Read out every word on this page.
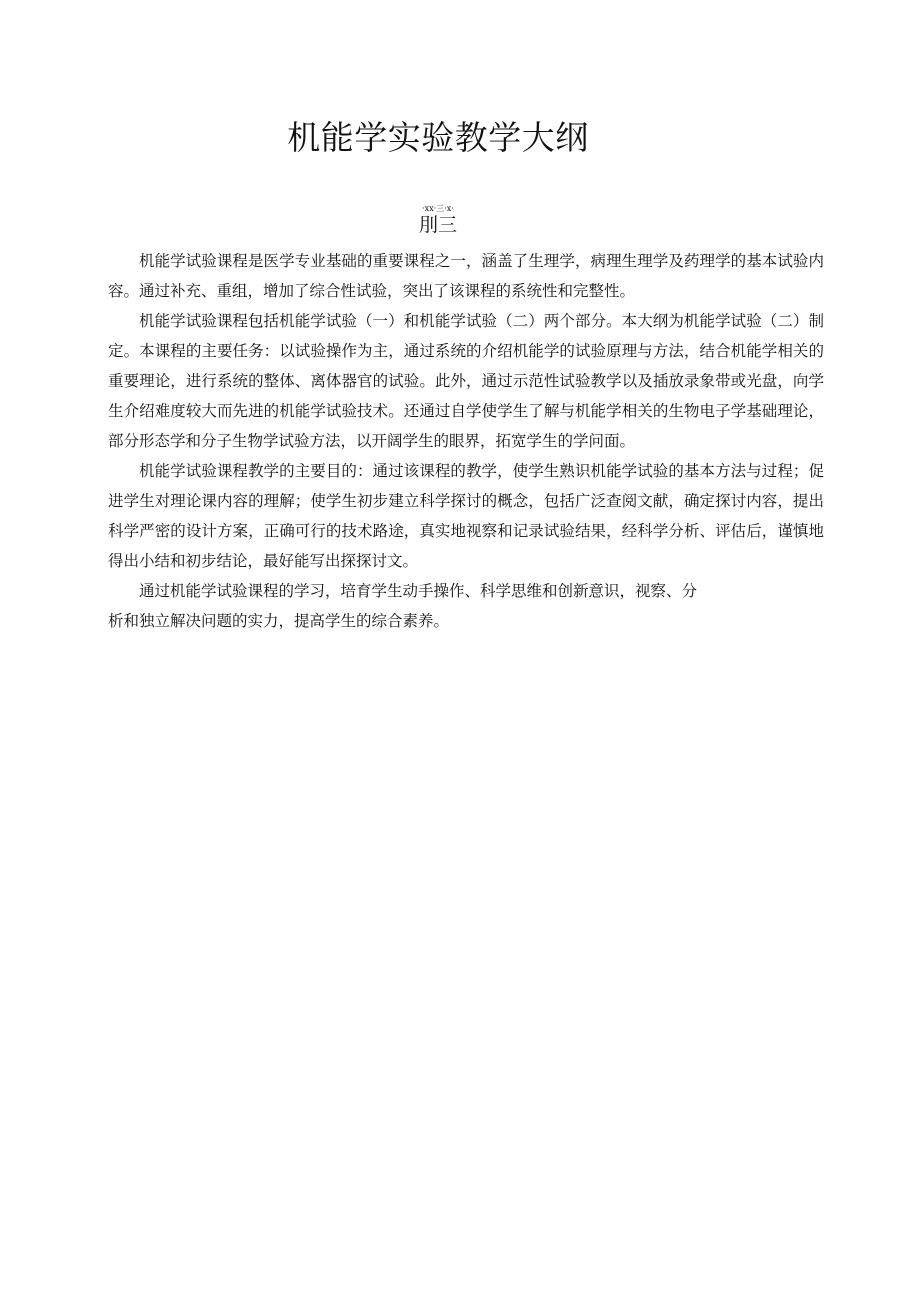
机能学实验教学大纲
·xx·三·x·
刖三

机能学试验课程是医学专业基础的重要课程之一，涵盖了生理学，病理生理学及药理学的基本试验内容。通过补充、重组，增加了综合性试验，突出了该课程的系统性和完整性。

机能学试验课程包括机能学试验（一）和机能学试验（二）两个部分。本大纲为机能学试验（二）制定。本课程的主要任务：以试验操作为主，通过系统的介绍机能学的试验原理与方法，结合机能学相关的重要理论，进行系统的整体、离体器官的试验。此外，通过示范性试验教学以及插放录象带或光盘，向学生介绍难度较大而先进的机能学试验技术。还通过自学使学生了解与机能学相关的生物电子学基础理论，部分形态学和分子生物学试验方法，以开阔学生的眼界，拓宽学生的学问面。

机能学试验课程教学的主要目的：通过该课程的教学，使学生熟识机能学试验的基本方法与过程；促进学生对理论课内容的理解；使学生初步建立科学探讨的概念，包括广泛查阅文献，确定探讨内容，提出科学严密的设计方案，正确可行的技术路途，真实地视察和记录试验结果，经科学分析、评估后，谨慎地得出小结和初步结论，最好能写出探探讨文。

通过机能学试验课程的学习，培育学生动手操作、科学思维和创新意识，视察、分

析和独立解决问题的实力，提高学生的综合素养。
